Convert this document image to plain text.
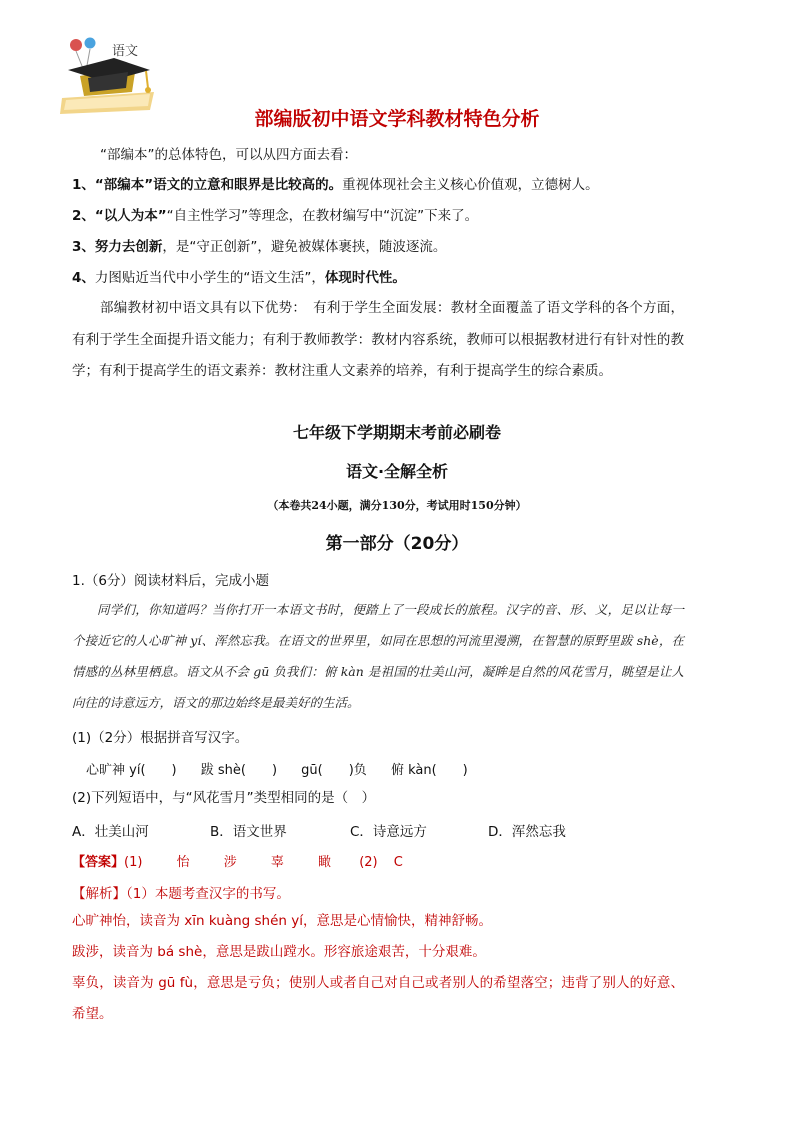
语文
部编版初中语文学科教材特色分析
“部编本”的总体特色，可以从四方面去看：
1、“部编本”语文的立意和眼界是比较高的。重视体现社会主义核心价值观，立德树人。
2、“以人为本”“自主性学习”等理念，在教材编写中“沉淀”下来了。
3、努力去创新，是“守正创新”，避免被媒体裹挟，随波逐流。
4、力图贴近当代中小学生的“语文生活”，体现时代性。
部编教材初中语文具有以下优势：　有利于学生全面发展：教材全面覆盖了语文学科的各个方面，有利于学生全面提升语文能力；有利于教师教学：教材内容系统，教师可以根据教材进行有针对性的教学；有利于提高学生的语文素养：教材注重人文素养的培养，有利于提高学生的综合素质。
七年级下学期期末考前必刷卷
语文·全解全析
（本卷共24小题，满分130分，考试用时150分钟）
第一部分（20分）
1.（6分）阅读材料后，完成小题
同学们，你知道吗？当你打开一本语文书时，便踏上了一段成长的旅程。汉字的音、形、义，足以让每一个接近它的人心旷神 yí、浑然忘我。在语文的世界里，如同在思想的河流里漫溯，在智慧的原野里跋 shè，在情感的丛林里栖息。语文从不会 gū 负我们：俯 kàn 是祖国的壮美山河，凝眸是自然的风花雪月，眺望是让人向往的诗意远方，语文的那边始终是最美好的生活。
(1)（2分）根据拼音写汉字。
心旷神 yí(　　) 跋 shè(　　) gū(　　)负 俯 kàn(　　)
(2)下列短语中，与“风花雪月”类型相同的是（　）
A．壮美山河	B．语文世界	C．诗意远方	D．浑然忘我
【答案】(1)	怡	涉	辜	瞰 (2) C
【解析】（1）本题考查汉字的书写。
心旷神怡，读音为 xīn kuàng shén yí，意思是心情愉快，精神舒畅。
跋涉，读音为 bá shè，意思是跋山蹚水。形容旅途艰苦，十分艰难。
辜负，读音为 gū fù，意思是亏负；使别人或者自己对自己或者别人的希望落空；违背了别人的好意、希望。
